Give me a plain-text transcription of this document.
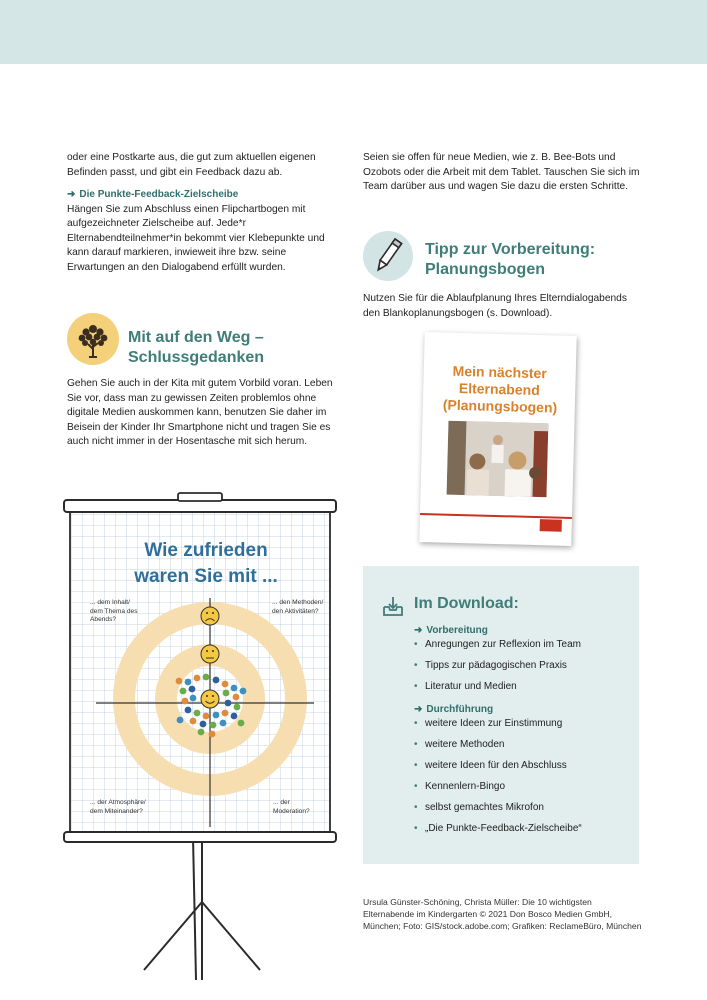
oder eine Postkarte aus, die gut zum aktuellen eigenen Befinden passt, und gibt ein Feedback dazu ab.

➜ Die Punkte-Feedback-Zielscheibe

Hängen Sie zum Abschluss einen Flipchartbogen mit aufgezeichneter Zielscheibe auf. Jede*r Elternabendteilnehmer*in bekommt vier Klebepunkte und kann darauf markieren, inwieweit ihre bzw. seine Erwartungen an den Dialogabend erfüllt wurden.

Mit auf den Weg – Schlussgedanken

Gehen Sie auch in der Kita mit gutem Vorbild voran. Leben Sie vor, dass man zu gewissen Zeiten problemlos ohne digitale Medien auskommen kann, benutzen Sie daher im Beisein der Kinder Ihr Smartphone nicht und tragen Sie es auch nicht immer in der Hosentasche mit sich herum.

Wie zufrieden
waren Sie mit ...
... dem Inhalt/ dem Thema des Abends?
... den Methoden/ den Aktivitäten?
... der Atmosphäre/ dem Miteinander?
... der Moderation?

Seien sie offen für neue Medien, wie z. B. Bee-Bots und Ozobots oder die Arbeit mit dem Tablet. Tauschen Sie sich im Team darüber aus und wagen Sie dazu die ersten Schritte.

Tipp zur Vorbereitung: Planungsbogen

Nutzen Sie für die Ablaufplanung Ihres Elterndialogabends den Blankoplanungsbogen (s. Download).

Mein nächster Elternabend (Planungsbogen)
Im Download:
➜ Vorbereitung
• Anregungen zur Reflexion im Team
• Tipps zur pädagogischen Praxis
• Literatur und Medien
➜ Durchführung
• weitere Ideen zur Einstimmung
• weitere Methoden
• weitere Ideen für den Abschluss
• Kennenlern-Bingo
• selbst gemachtes Mikrofon
• „Die Punkte-Feedback-Zielscheibe“
Ursula Günster-Schöning, Christa Müller: Die 10 wichtigsten Elternabende im Kindergarten © 2021 Don Bosco Medien GmbH, München; Foto: GIS/stock.adobe.com; Grafiken: ReclameBüro, München
